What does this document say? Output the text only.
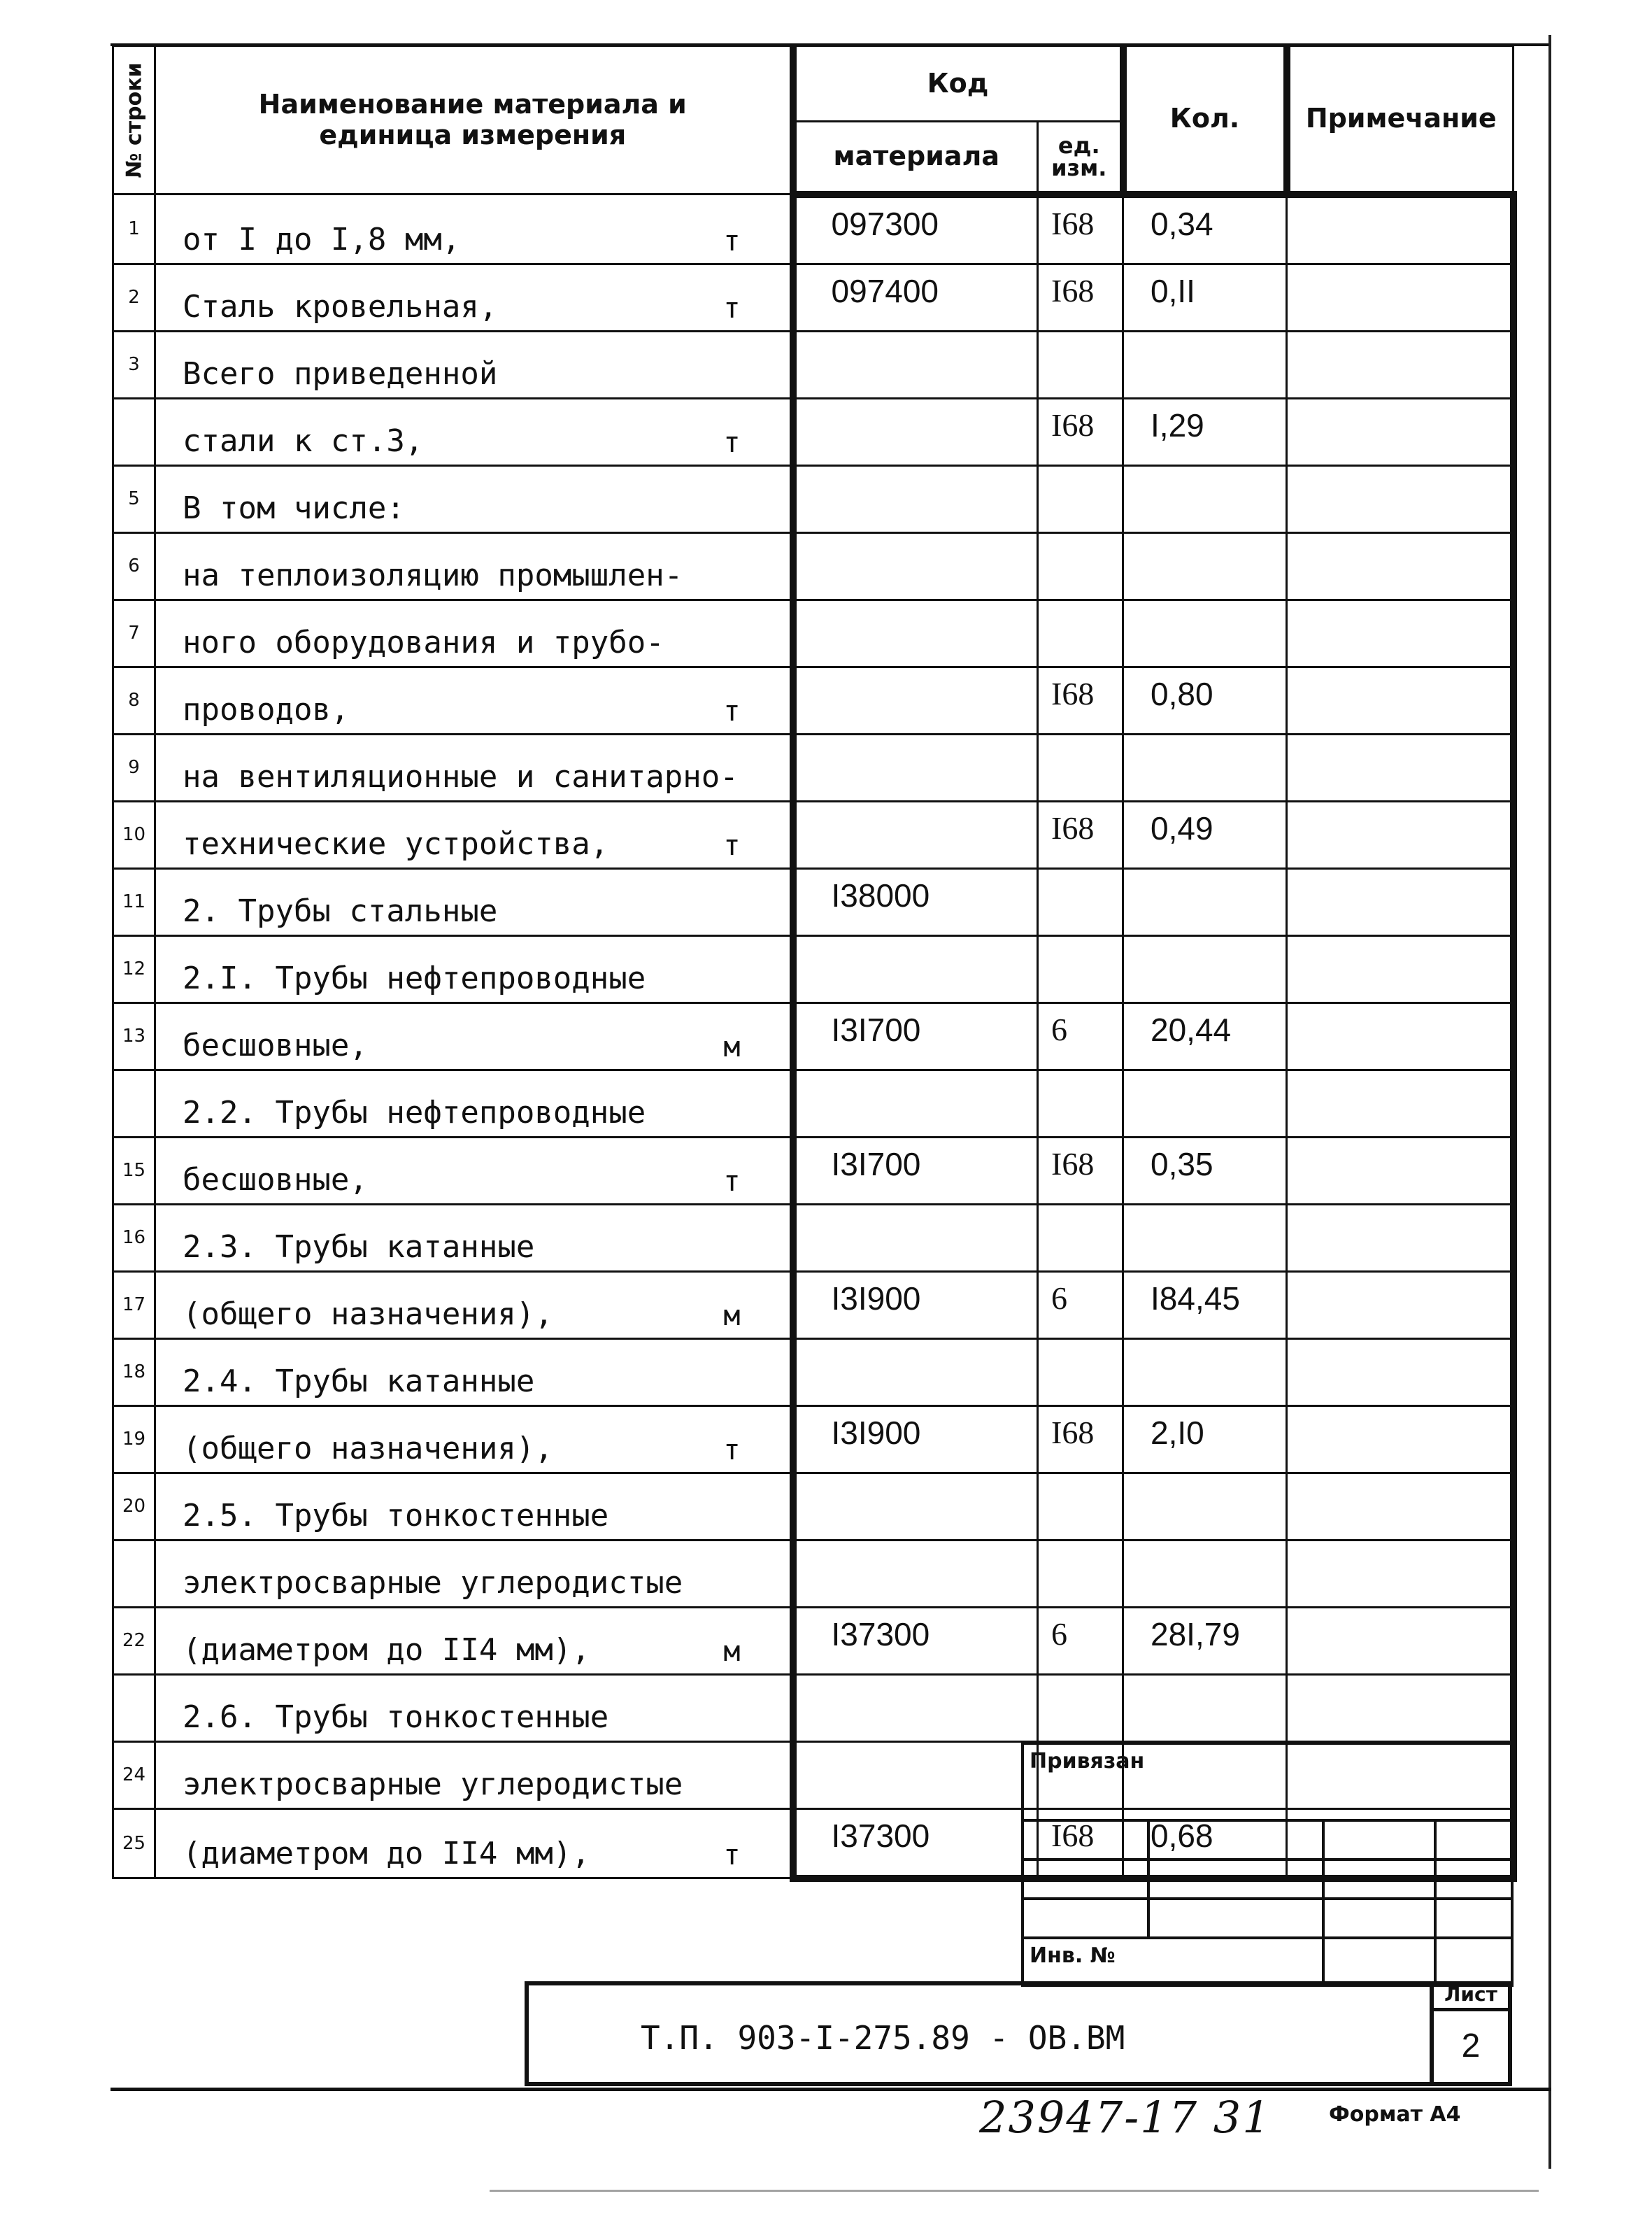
№ строки	Наименование материала и единица измерения	Код		Кол.	Примечание
		материала	ед. изм.		
1	от I до I,8 мм, т	097300	I68	0,34	
2	Сталь кровельная, т	097400	I68	0,II	
3	Всего приведенной

	стали к ст.3, т		I68	I,29	
5	В том числе:

6	на теплоизоляцию промышлен-

7	ного оборудования и трубо-

8	проводов, т		I68	0,80	
9	на вентиляционные и санитарно-

10	технические устройства, т		I68	0,49	
11	2. Трубы стальные	I38000			
12	2.I. Трубы нефтепроводные

13	бесшовные, м	I3I700	6	20,44	
	2.2. Трубы нефтепроводные

15	бесшовные, т	I3I700	I68	0,35	
16	2.3. Трубы катанные

17	(общего назначения), м	I3I900	6	I84,45	
18	2.4. Трубы катанные

19	(общего назначения), т	I3I900	I68	2,I0	
20	2.5. Трубы тонкостенные

	электросварные углеродистые

22	(диаметром до II4 мм), м	I37300	6	28I,79	
	2.6. Трубы тонкостенные

24	электросварные углеродистые

25	(диаметром до II4 мм), т	I37300	I68	0,68	
Привязан			

Инв. №			
Т.П. 903-I-275.89 - ОВ.ВМ
Лист
2
23947-17 31	Формат А4
